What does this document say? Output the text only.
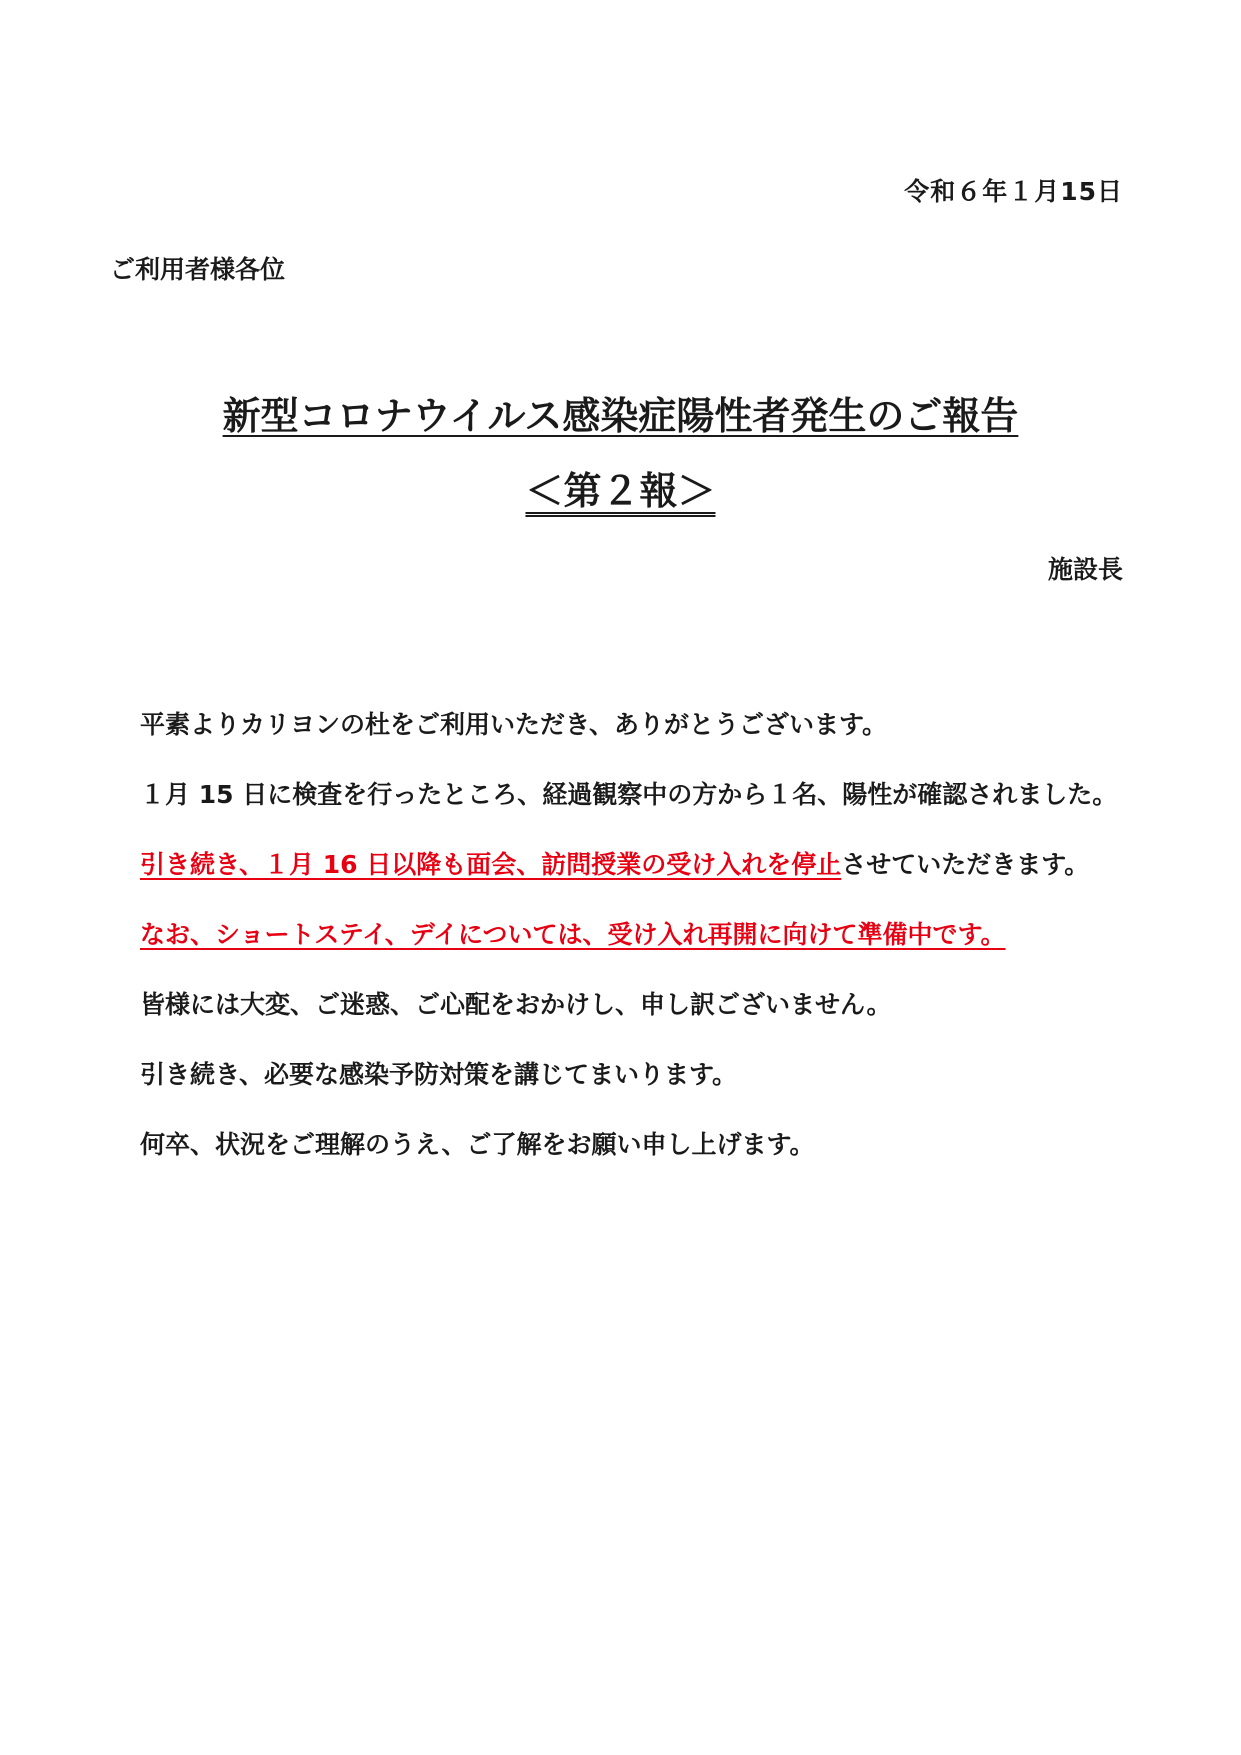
令和６年１月15日
ご利用者様各位
新型コロナウイルス感染症陽性者発生のご報告
＜第２報＞
施設長

平素よりカリヨンの杜をご利用いただき、ありがとうございます。

１月 15 日に検査を行ったところ、経過観察中の方から１名、陽性が確認されました。

引き続き、１月 16 日以降も面会、訪問授業の受け入れを停止させていただきます。

なお、ショートステイ、デイについては、受け入れ再開に向けて準備中です。

皆様には大変、ご迷惑、ご心配をおかけし、申し訳ございません。

引き続き、必要な感染予防対策を講じてまいります。

何卒、状況をご理解のうえ、ご了解をお願い申し上げます。
